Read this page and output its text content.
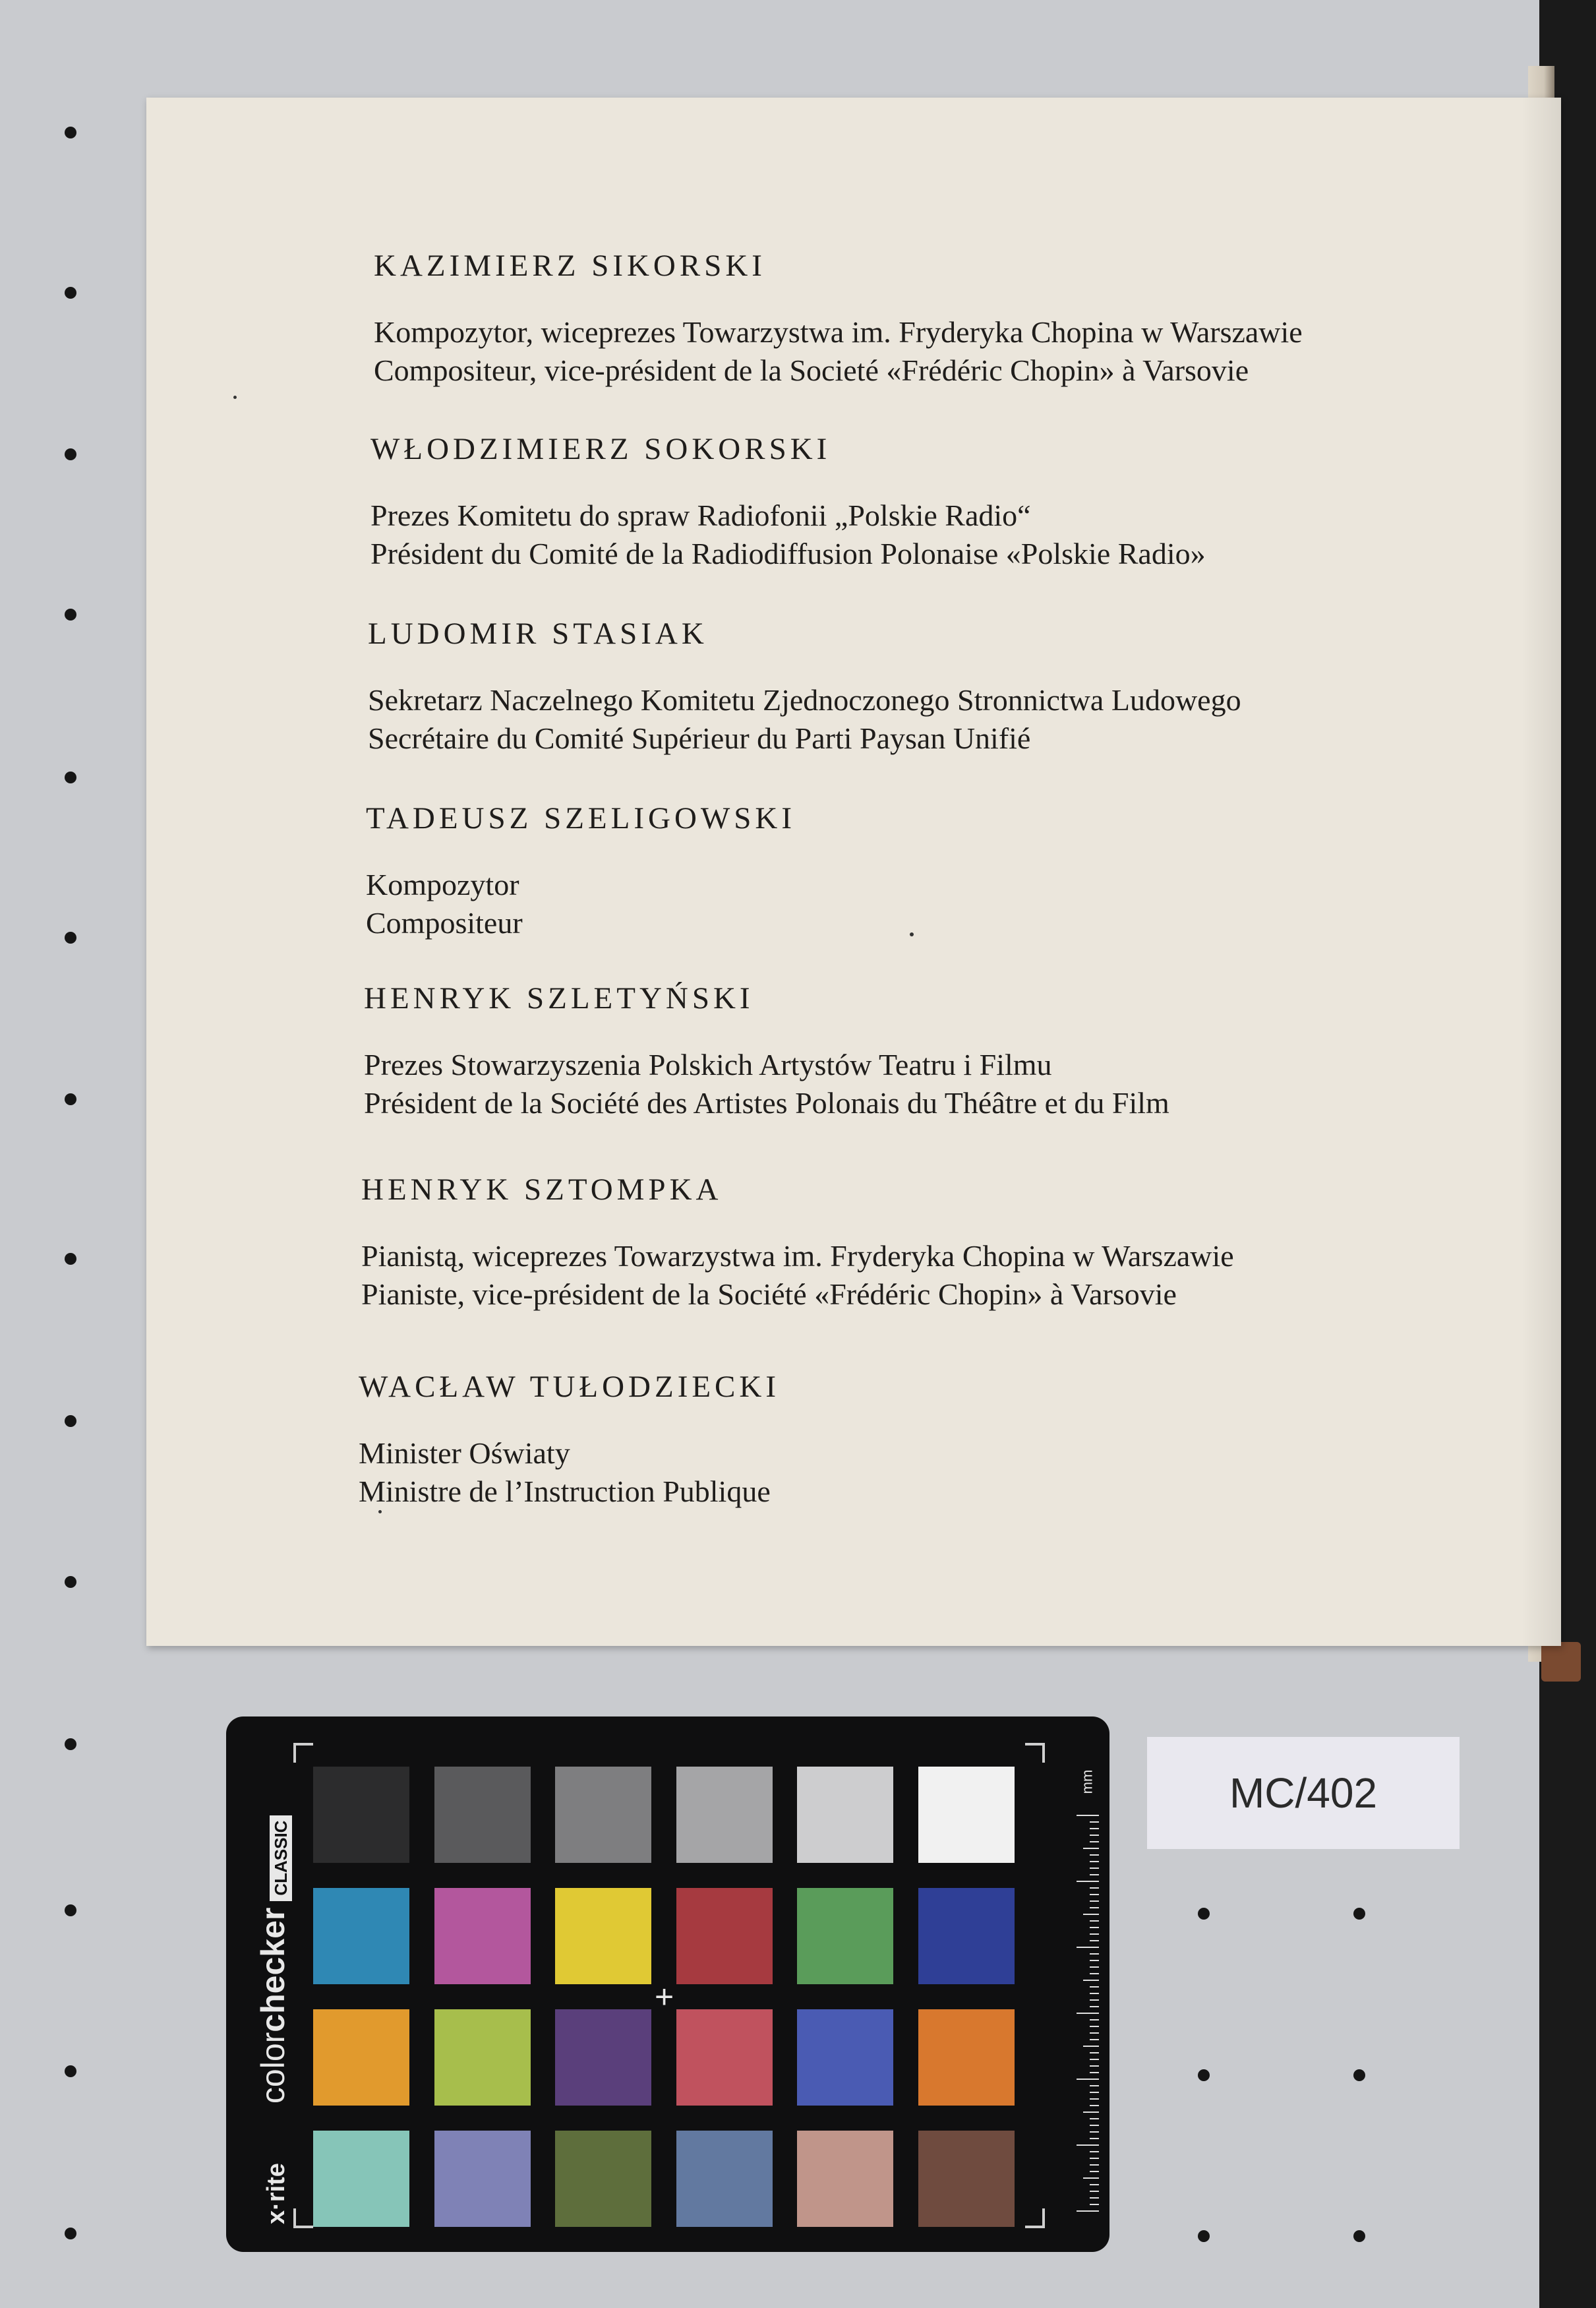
KAZIMIERZ SIKORSKI

Kompozytor, wiceprezes Towarzystwa im. Fryderyka Chopina w Warszawie

Compositeur, vice-président de la Societé «Frédéric Chopin» à Varsovie

WŁODZIMIERZ SOKORSKI

Prezes Komitetu do spraw Radiofonii „Polskie Radio“

Président du Comité de la Radiodiffusion Polonaise «Polskie Radio»

LUDOMIR STASIAK

Sekretarz Naczelnego Komitetu Zjednoczonego Stronnictwa Ludowego

Secrétaire du Comité Supérieur du Parti Paysan Unifié

TADEUSZ SZELIGOWSKI

Kompozytor

Compositeur

HENRYK SZLETYŃSKI

Prezes Stowarzyszenia Polskich Artystów Teatru i Filmu

Président de la Société des Artistes Polonais du Théâtre et du Film

HENRYK SZTOMPKA

Pianistą, wiceprezes Towarzystwa im. Fryderyka Chopina w Warszawie

Pianiste, vice-président de la Société «Frédéric Chopin» à Varsovie

WACŁAW TUŁODZIECKI

Minister Oświaty

Ministre de l’Instruction Publique

x·ritecolorcheckerCLASSIC
+
mm	MC/402
